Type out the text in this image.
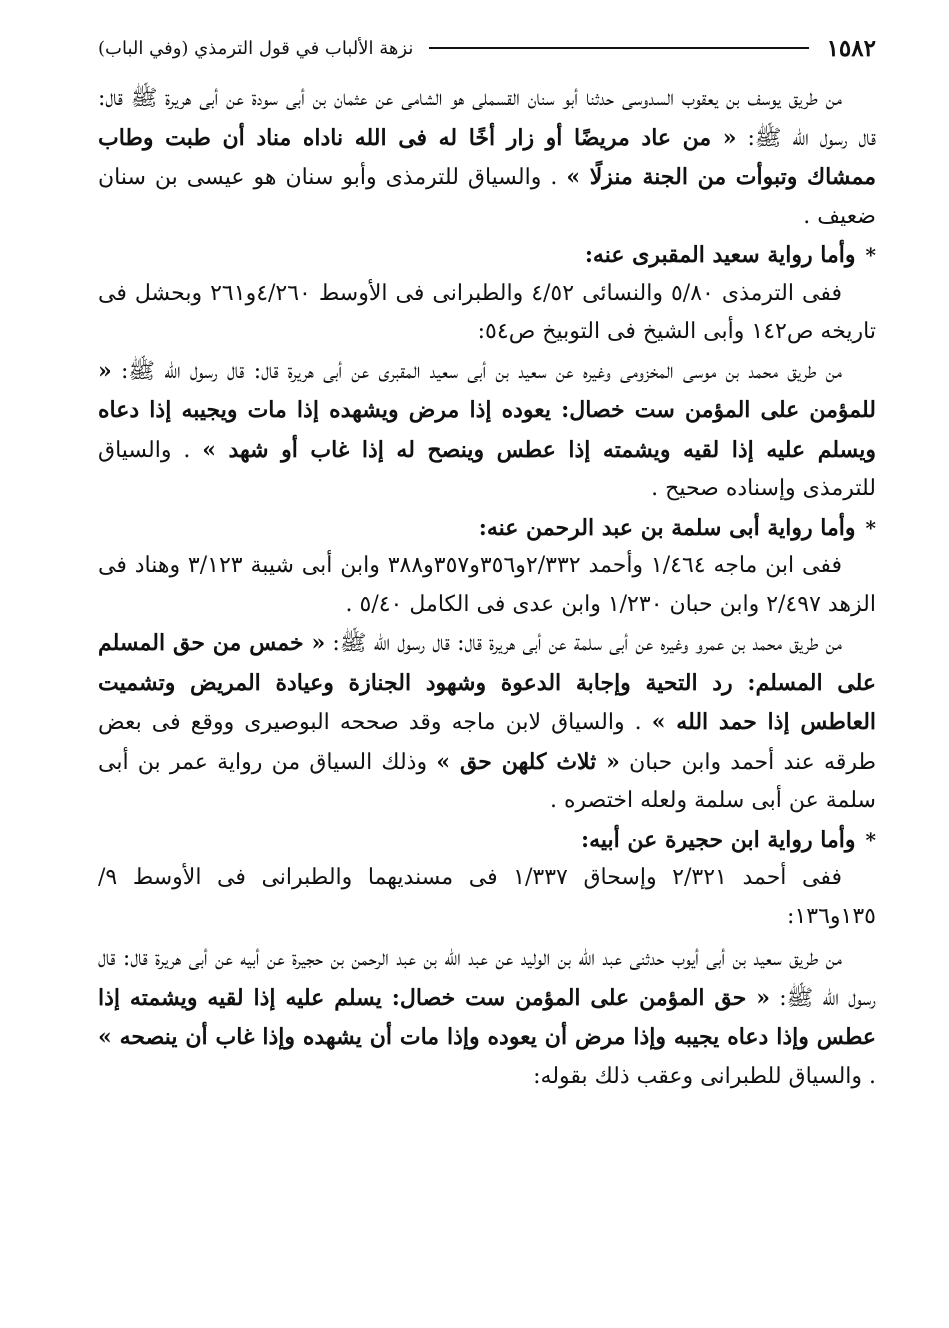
١٥٨٢
نزهة الألباب في قول الترمذي (وفي الباب)

من طريق يوسف بن يعقوب السدوسى حدثنا أبو سنان القسملى هو الشامى عن عثمان بن أبى سودة عن أبى هريرة ﷺ قال: قال رسول الله ﷺ: « من عاد مريضًا أو زار أخًا له فى الله ناداه مناد أن طبت وطاب ممشاك وتبوأت من الجنة منزلًا » . والسياق للترمذى وأبو سنان هو عيسى بن سنان ضعيف .

*وأما رواية سعيد المقبرى عنه:

ففى الترمذى ٥/٨٠ والنسائى ٤/٥٢ والطبرانى فى الأوسط ٤/٢٦٠و٢٦١ وبحشل فى تاريخه ص١٤٢ وأبى الشيخ فى التوبيخ ص٥٤:

من طريق محمد بن موسى المخزومى وغيره عن سعيد بن أبى سعيد المقبرى عن أبى هريرة قال: قال رسول الله ﷺ: « للمؤمن على المؤمن ست خصال: يعوده إذا مرض ويشهده إذا مات ويجيبه إذا دعاه ويسلم عليه إذا لقيه ويشمته إذا عطس وينصح له إذا غاب أو شهد » . والسياق للترمذى وإسناده صحيح .

*وأما رواية أبى سلمة بن عبد الرحمن عنه:

ففى ابن ماجه ١/٤٦٤ وأحمد ٢/٣٣٢و٣٥٦و٣٥٧و٣٨٨ وابن أبى شيبة ٣/١٢٣ وهناد فى الزهد ٢/٤٩٧ وابن حبان ١/٢٣٠ وابن عدى فى الكامل ٥/٤٠ .

من طريق محمد بن عمرو وغيره عن أبى سلمة عن أبى هريرة قال: قال رسول الله ﷺ: « خمس من حق المسلم على المسلم: رد التحية وإجابة الدعوة وشهود الجنازة وعيادة المريض وتشميت العاطس إذا حمد الله » . والسياق لابن ماجه وقد صححه البوصيرى ووقع فى بعض طرقه عند أحمد وابن حبان « ثلاث كلهن حق » وذلك السياق من رواية عمر بن أبى سلمة عن أبى سلمة ولعله اختصره .

*وأما رواية ابن حجيرة عن أبيه:

ففى أحمد ٢/٣٢١ وإسحاق ١/٣٣٧ فى مسنديهما والطبرانى فى الأوسط ٩/ ١٣٥و١٣٦:

من طريق سعيد بن أبى أيوب حدثنى عبد الله بن الوليد عن عبد الله بن عبد الرحمن بن حجيرة عن أبيه عن أبى هريرة قال: قال رسول الله ﷺ: « حق المؤمن على المؤمن ست خصال: يسلم عليه إذا لقيه ويشمته إذا عطس وإذا دعاه يجيبه وإذا مرض أن يعوده وإذا مات أن يشهده وإذا غاب أن ينصحه » . والسياق للطبرانى وعقب ذلك بقوله:
